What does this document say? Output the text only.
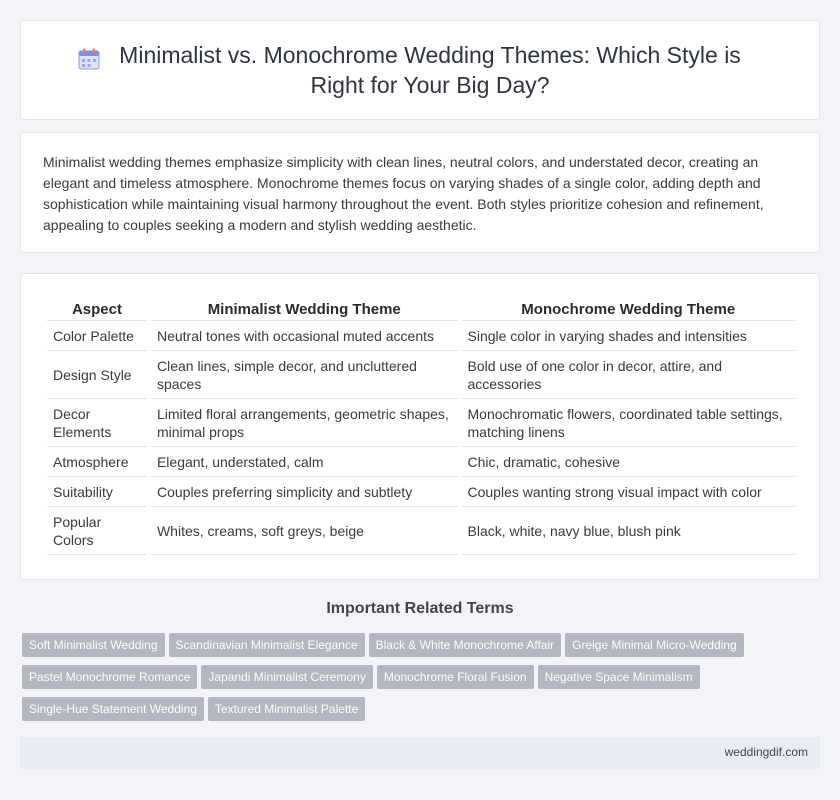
Minimalist vs. Monochrome Wedding Themes: Which Style is Right for Your Big Day?

Minimalist wedding themes emphasize simplicity with clean lines, neutral colors, and understated decor, creating an elegant and timeless atmosphere. Monochrome themes focus on varying shades of a single color, adding depth and sophistication while maintaining visual harmony throughout the event. Both styles prioritize cohesion and refinement, appealing to couples seeking a modern and stylish wedding aesthetic.

Aspect	Minimalist Wedding Theme	Monochrome Wedding Theme
Color Palette	Neutral tones with occasional muted accents	Single color in varying shades and intensities
Design Style	Clean lines, simple decor, and uncluttered spaces	Bold use of one color in decor, attire, and accessories
Decor Elements	Limited floral arrangements, geometric shapes, minimal props	Monochromatic flowers, coordinated table settings, matching linens
Atmosphere	Elegant, understated, calm	Chic, dramatic, cohesive
Suitability	Couples preferring simplicity and subtlety	Couples wanting strong visual impact with color
Popular Colors	Whites, creams, soft greys, beige	Black, white, navy blue, blush pink
Important Related Terms
Soft Minimalist Wedding Scandinavian Minimalist Elegance Black & White Monochrome Affair Greige Minimal Micro-Wedding Pastel Monochrome Romance Japandi Minimalist Ceremony Monochrome Floral Fusion Negative Space Minimalism Single-Hue Statement Wedding Textured Minimalist Palette
weddingdif.com
